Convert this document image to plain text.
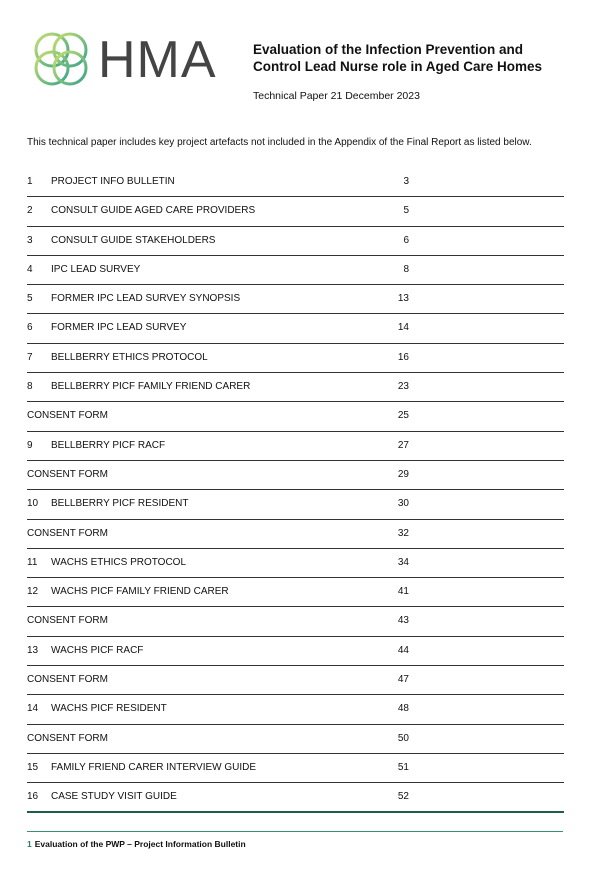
HMA	Evaluation of the Infection Prevention and Control Lead Nurse role in Aged Care Homes
Technical Paper 21 December 2023
This technical paper includes key project artefacts not included in the Appendix of the Final Report as listed below.
1 PROJECT INFO BULLETIN	3
2 CONSULT GUIDE AGED CARE PROVIDERS	5
3 CONSULT GUIDE STAKEHOLDERS	6
4 IPC LEAD SURVEY	8
5 FORMER IPC LEAD SURVEY SYNOPSIS	13
6 FORMER IPC LEAD SURVEY	14
7 BELLBERRY ETHICS PROTOCOL	16
8 BELLBERRY PICF FAMILY FRIEND CARER	23
CONSENT FORM	25
9 BELLBERRY PICF RACF	27
CONSENT FORM	29
10 BELLBERRY PICF RESIDENT	30
CONSENT FORM	32
11 WACHS ETHICS PROTOCOL	34
12 WACHS PICF FAMILY FRIEND CARER	41
CONSENT FORM	43
13 WACHS PICF RACF	44
CONSENT FORM	47
14 WACHS PICF RESIDENT	48
CONSENT FORM	50
15 FAMILY FRIEND CARER INTERVIEW GUIDE	51
16 CASE STUDY VISIT GUIDE	52
1 Evaluation of the PWP – Project Information Bulletin
